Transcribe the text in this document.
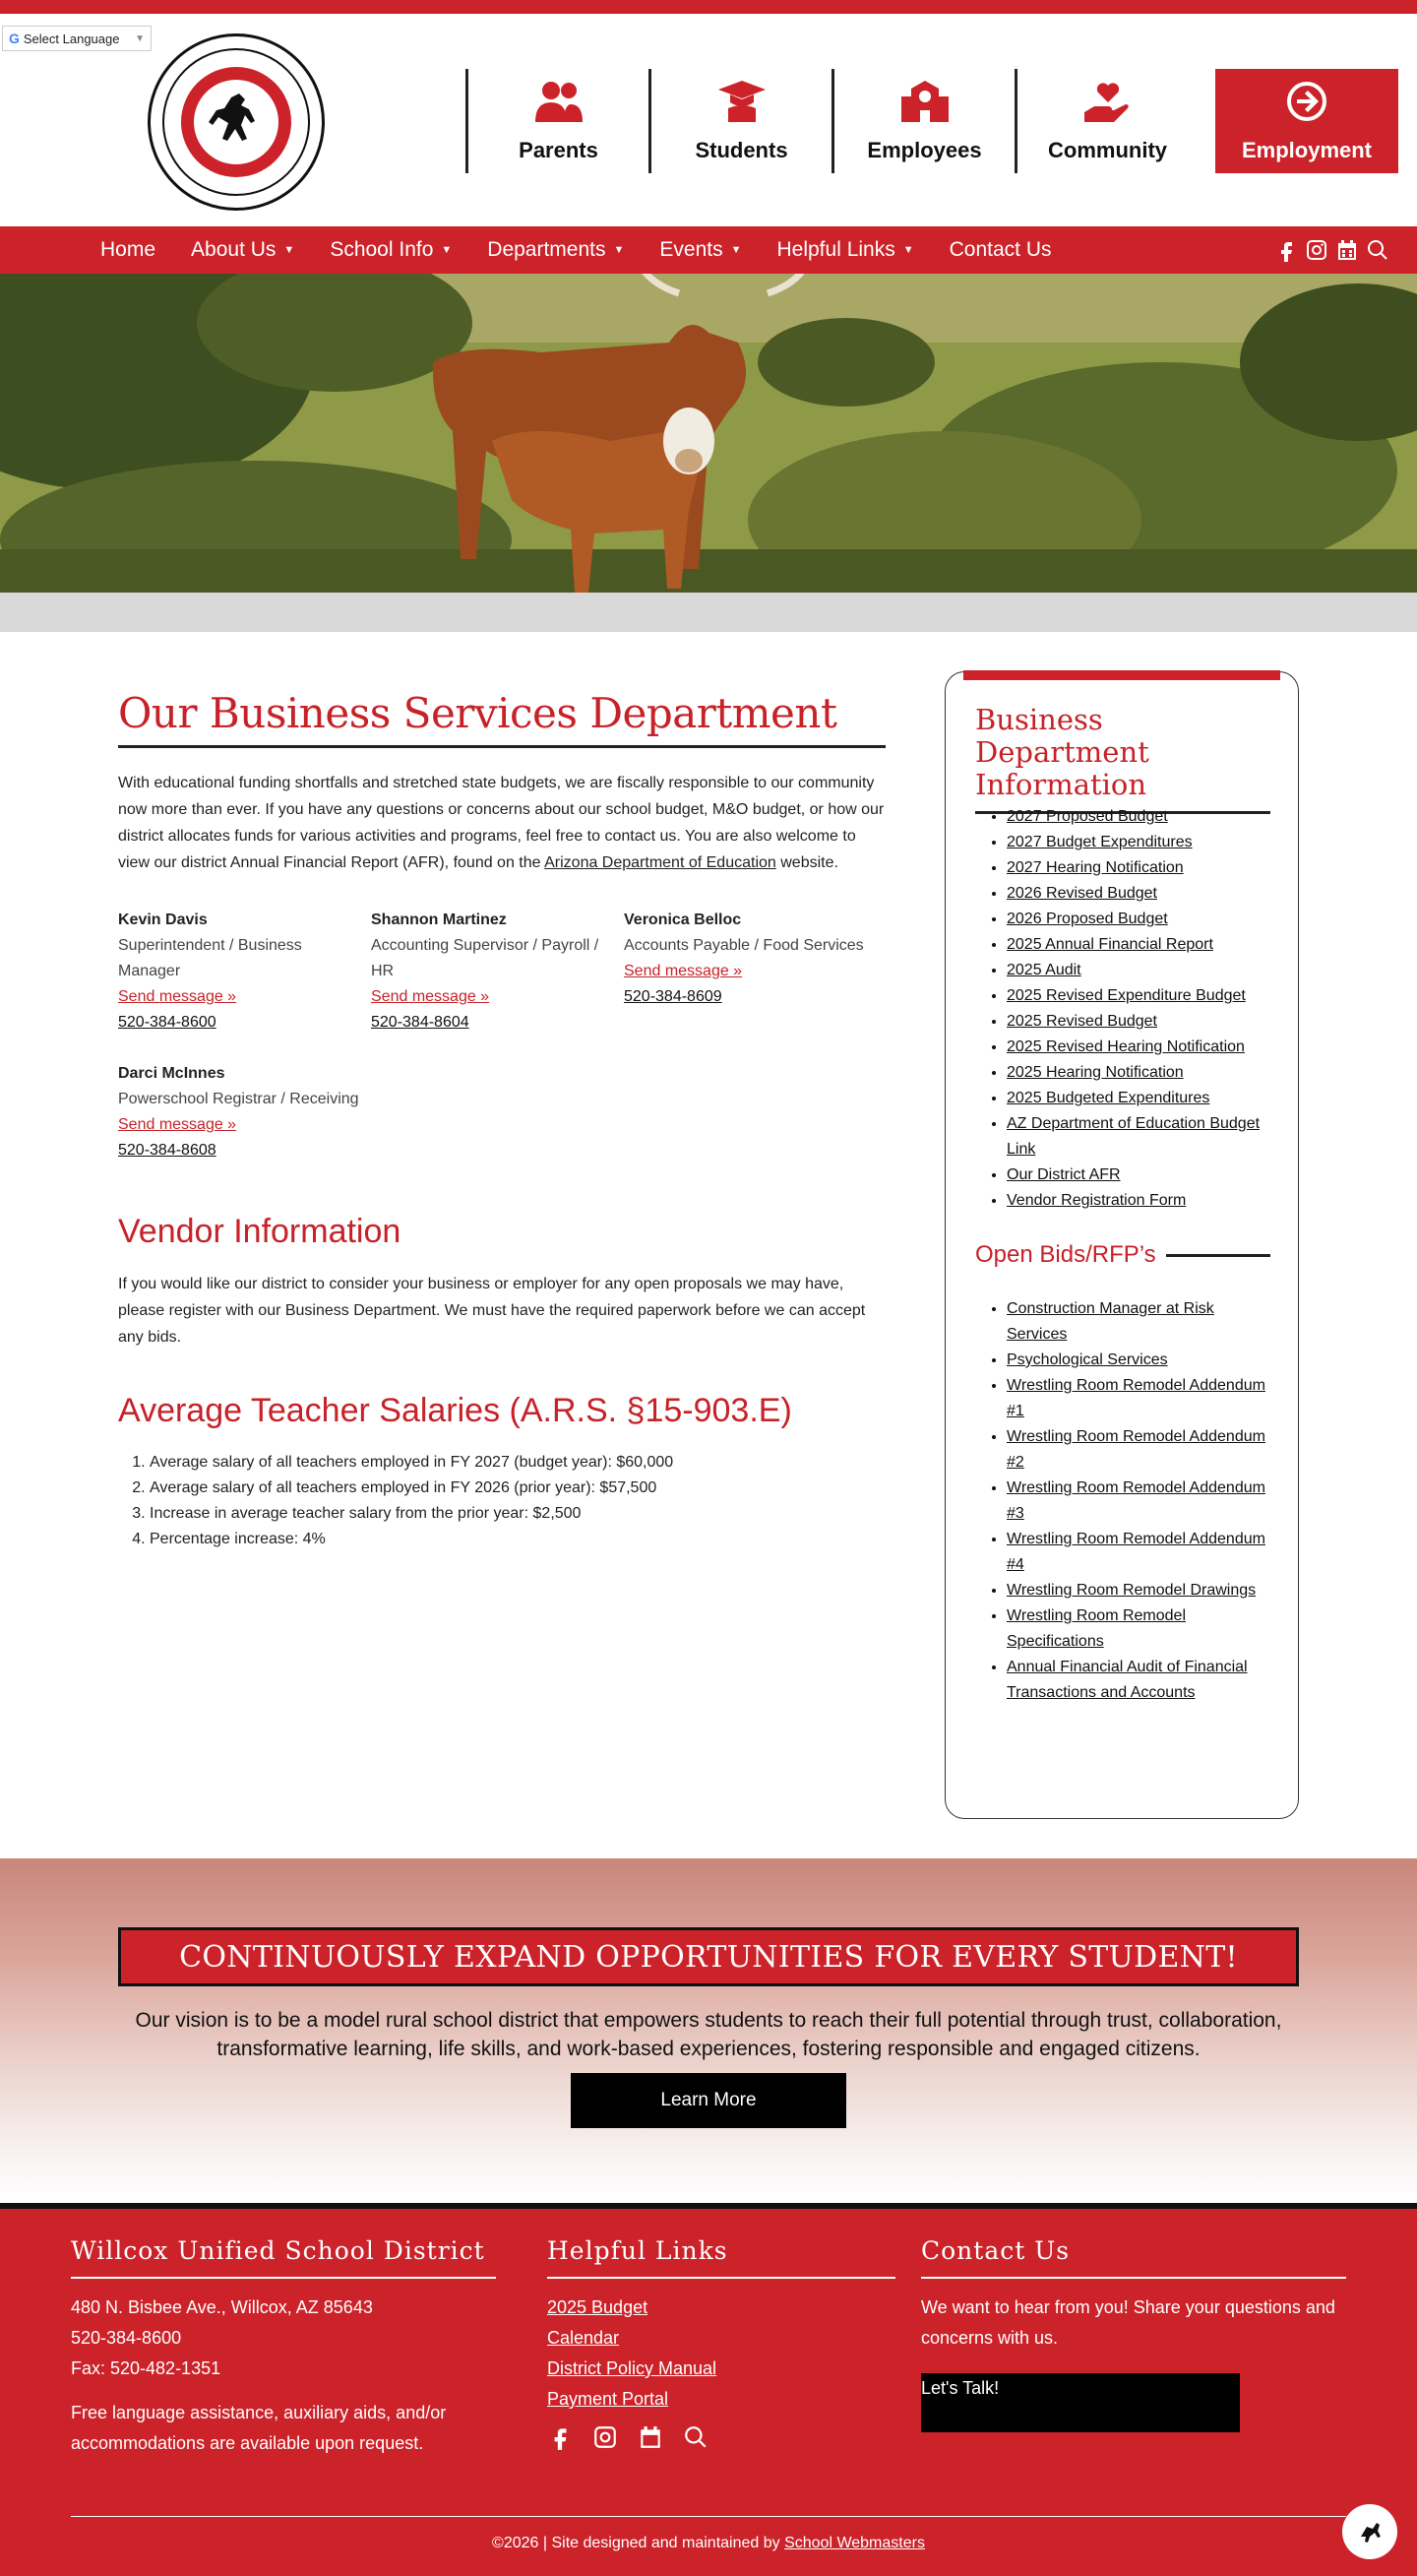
G Select Language ▼
Parents	Students	Employees	Community	Employment
Home About Us ▼ School Info ▼ Departments ▼ Events ▼ Helpful Links ▼ Contact Us
Our Business Services Department

With educational funding shortfalls and stretched state budgets, we are fiscally responsible to our community now more than ever. If you have any questions or concerns about our school budget, M&O budget, or how our district allocates funds for various activities and programs, feel free to contact us. You are also welcome to view our district Annual Financial Report (AFR), found on the Arizona Department of Education website.

Kevin Davis
Superintendent / Business Manager
Send message »
520-384-8600
Shannon Martinez
Accounting Supervisor / Payroll / HR
Send message »
520-384-8604
Veronica Belloc
Accounts Payable / Food Services
Send message »
520-384-8609
Darci McInnes
Powerschool Registrar / Receiving
Send message »
520-384-8608
Vendor Information

If you would like our district to consider your business or employer for any open proposals we may have, please register with our Business Department. We must have the required paperwork before we can accept any bids.

Average Teacher Salaries (A.R.S. §15-903.E)
1. Average salary of all teachers employed in FY 2027 (budget year): $60,000
2. Average salary of all teachers employed in FY 2026 (prior year): $57,500
3. Increase in average teacher salary from the prior year: $2,500
4. Percentage increase: 4%
Business Department Information
• 2027 Proposed Budget
• 2027 Budget Expenditures
• 2027 Hearing Notification
• 2026 Revised Budget
• 2026 Proposed Budget
• 2025 Annual Financial Report
• 2025 Audit
• 2025 Revised Expenditure Budget
• 2025 Revised Budget
• 2025 Revised Hearing Notification
• 2025 Hearing Notification
• 2025 Budgeted Expenditures
• AZ Department of Education Budget Link
• Our District AFR
• Vendor Registration Form
Open Bids/RFP’s
• Construction Manager at Risk Services
• Psychological Services
• Wrestling Room Remodel Addendum #1
• Wrestling Room Remodel Addendum #2
• Wrestling Room Remodel Addendum #3
• Wrestling Room Remodel Addendum #4
• Wrestling Room Remodel Drawings
• Wrestling Room Remodel Specifications
• Annual Financial Audit of Financial Transactions and Accounts
CONTINUOUSLY EXPAND OPPORTUNITIES FOR EVERY STUDENT!
Our vision is to be a model rural school district that empowers students to reach their full potential through trust, collaboration, transformative learning, life skills, and work-based experiences, fostering responsible and engaged citizens.
Learn More
Willcox Unified School District

480 N. Bisbee Ave., Willcox, AZ 85643

520-384-8600

Fax: 520-482-1351

Free language assistance, auxiliary aids, and/or accommodations are available upon request.

Helpful Links
2025 Budget
Calendar
District Policy Manual
Payment Portal
Contact Us

We want to hear from you! Share your questions and concerns with us.

Let's Talk!
©2026 | Site designed and maintained by School Webmasters
